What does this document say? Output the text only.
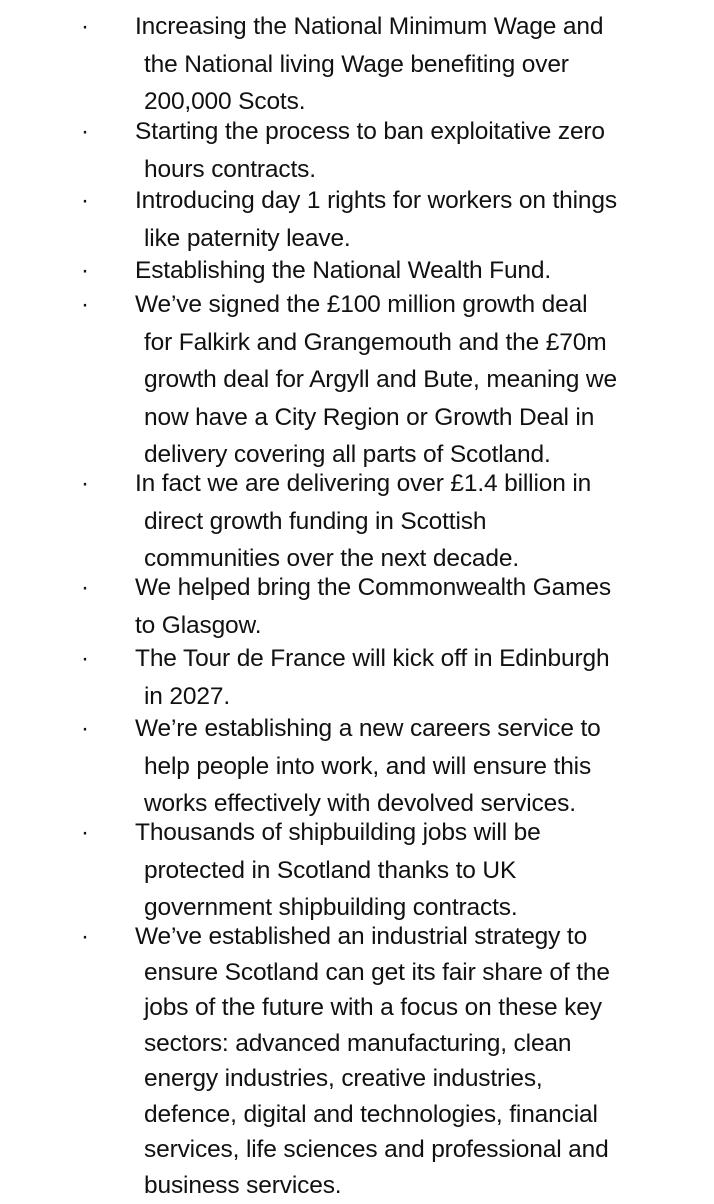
· Increasing the National Minimum Wage and
the National living Wage benefiting over
200,000 Scots.
· Starting the process to ban exploitative zero
hours contracts.
· Introducing day 1 rights for workers on things
like paternity leave.
· Establishing the National Wealth Fund.
· We’ve signed the £100 million growth deal
for Falkirk and Grangemouth and the £70m
growth deal for Argyll and Bute, meaning we
now have a City Region or Growth Deal in
delivery covering all parts of Scotland.
· In fact we are delivering over £1.4 billion in
direct growth funding in Scottish
communities over the next decade.
· We helped bring the Commonwealth Games
to Glasgow.
· The Tour de France will kick off in Edinburgh
in 2027.
· We’re establishing a new careers service to
help people into work, and will ensure this
works effectively with devolved services.
· Thousands of shipbuilding jobs will be
protected in Scotland thanks to UK
government shipbuilding contracts.
· We’ve established an industrial strategy to
ensure Scotland can get its fair share of the
jobs of the future with a focus on these key
sectors: advanced manufacturing, clean
energy industries, creative industries,
defence, digital and technologies, financial
services, life sciences and professional and
business services.
